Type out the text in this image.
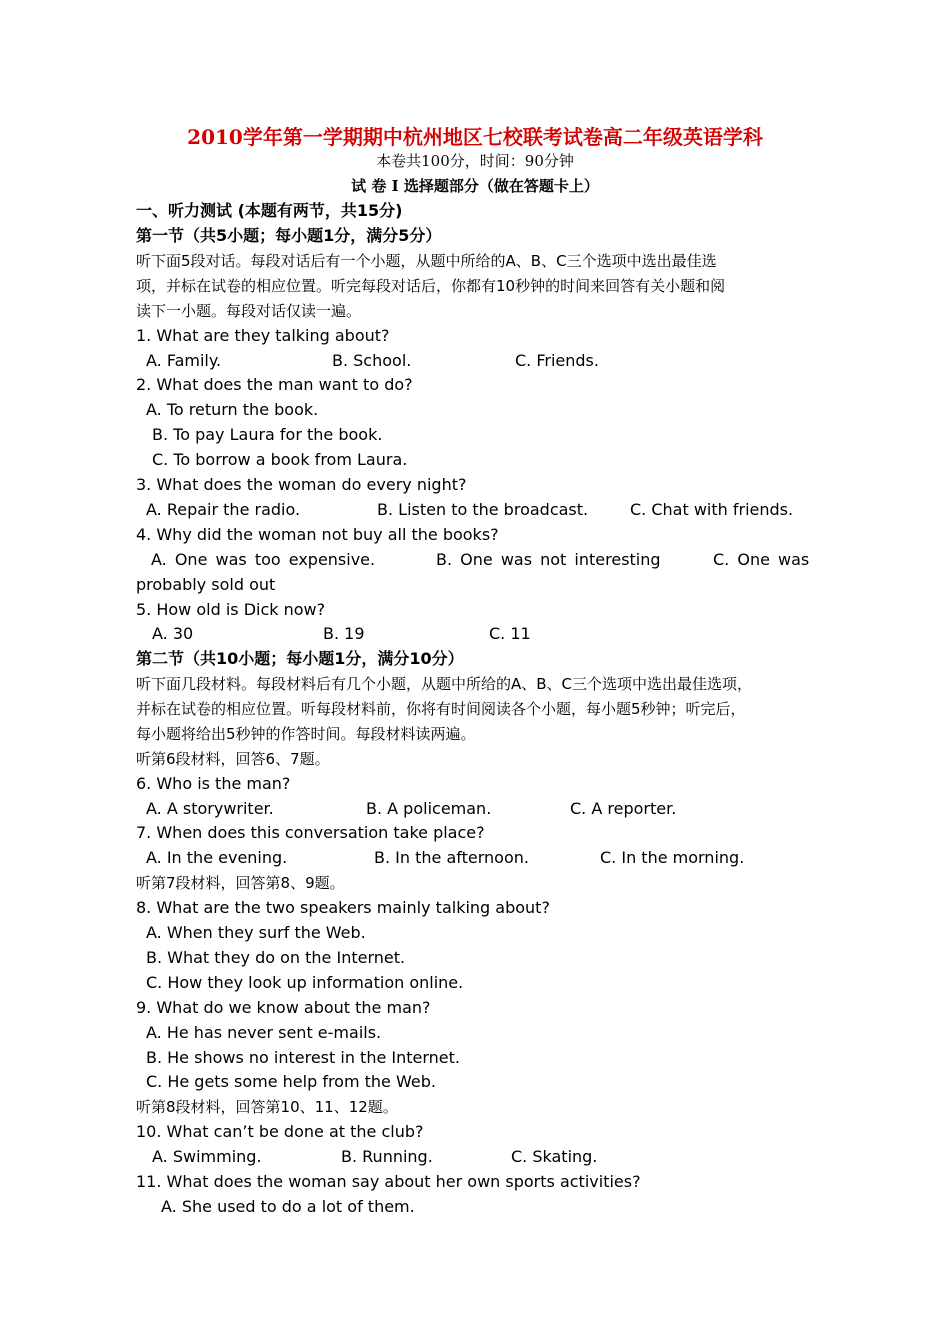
2010学年第一学期期中杭州地区七校联考试卷高二年级英语学科
本卷共100分，时间：90分钟
试 卷 I 选择题部分（做在答题卡上）
一、听力测试 (本题有两节，共15分)
第一节（共5小题；每小题1分，满分5分）
听下面5段对话。每段对话后有一个小题，从题中所给的A、B、C三个选项中选出最佳选
项，并标在试卷的相应位置。听完每段对话后，你都有10秒钟的时间来回答有关小题和阅
读下一小题。每段对话仅读一遍。
1. What are they talking about?
A. Family.	B. School.	C. Friends.
2. What does the man want to do?
A. To return the book.
B. To pay Laura for the book.
C. To borrow a book from Laura.
3. What does the woman do every night?
A. Repair the radio.	B. Listen to the broadcast.	C. Chat with friends.
4. Why did the woman not buy all the books?
A. One was too expensive.	B. One was not interesting	C. One was
probably sold out
5. How old is Dick now?
A. 30	B. 19	C. 11
第二节（共10小题；每小题1分，满分10分）
听下面几段材料。每段材料后有几个小题，从题中所给的A、B、C三个选项中选出最佳选项，
并标在试卷的相应位置。听每段材料前，你将有时间阅读各个小题，每小题5秒钟；听完后，
每小题将给出5秒钟的作答时间。每段材料读两遍。
听第6段材料，回答6、7题。
6. Who is the man?
A. A storywriter.	B. A policeman.	C. A reporter.
7. When does this conversation take place?
A. In the evening.	B. In the afternoon.	C. In the morning.
听第7段材料，回答第8、9题。
8. What are the two speakers mainly talking about?
A. When they surf the Web.
B. What they do on the Internet.
C. How they look up information online.
9. What do we know about the man?
A. He has never sent e-mails.
B. He shows no interest in the Internet.
C. He gets some help from the Web.
听第8段材料，回答第10、11、12题。
10. What can’t be done at the club?
A. Swimming.	B. Running.	C. Skating.
11. What does the woman say about her own sports activities?
A. She used to do a lot of them.
